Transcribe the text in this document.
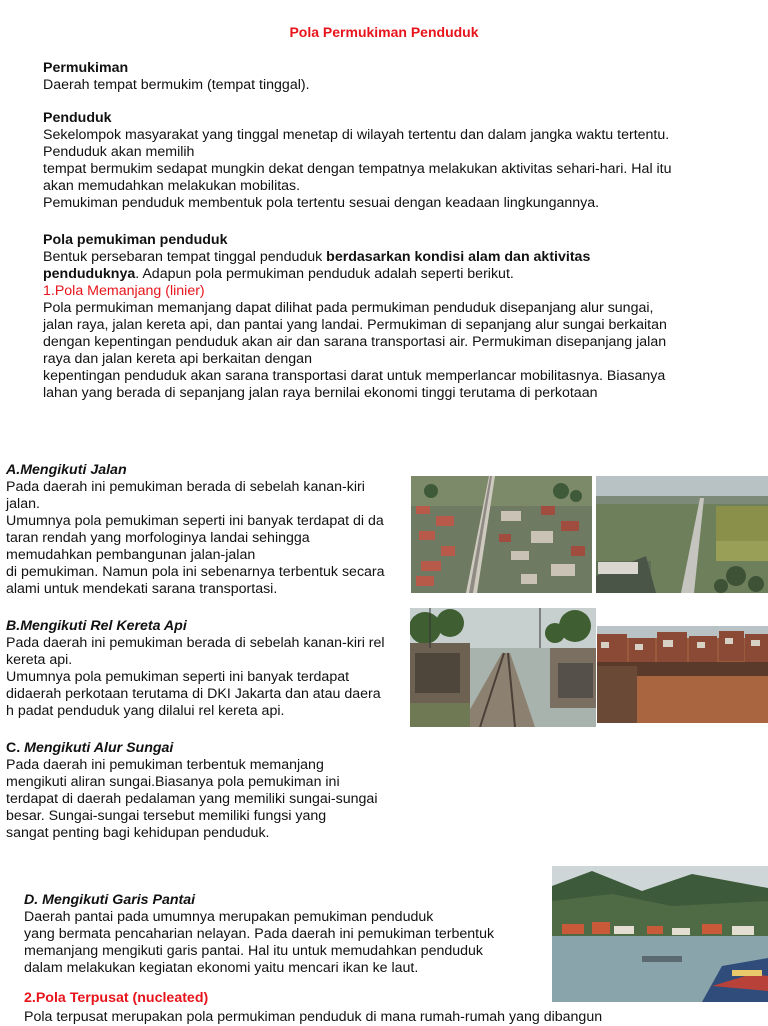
Pola Permukiman Penduduk

Permukiman

Daerah tempat bermukim (tempat tinggal).

Penduduk

Sekelompok masyarakat yang tinggal menetap di wilayah tertentu dan dalam jangka waktu tertentu.

Penduduk akan memilih

tempat bermukim sedapat mungkin dekat dengan tempatnya melakukan aktivitas sehari-hari. Hal itu

akan memudahkan melakukan mobilitas.

Pemukiman penduduk membentuk pola tertentu sesuai dengan keadaan lingkungannya.

Pola pemukiman penduduk

Bentuk persebaran tempat tinggal penduduk berdasarkan kondisi alam dan aktivitas

penduduknya. Adapun pola permukiman penduduk adalah seperti berikut.

1.Pola Memanjang (linier)

Pola permukiman memanjang dapat dilihat pada permukiman penduduk disepanjang alur sungai,

jalan raya, jalan kereta api, dan pantai yang landai. Permukiman di sepanjang alur sungai berkaitan

dengan kepentingan penduduk akan air dan sarana transportasi air. Permukiman disepanjang jalan

raya dan jalan kereta api berkaitan dengan

kepentingan penduduk akan sarana transportasi darat untuk memperlancar mobilitasnya. Biasanya

lahan yang berada di sepanjang jalan raya bernilai ekonomi tinggi terutama di perkotaan

A.Mengikuti Jalan

Pada daerah ini pemukiman berada di sebelah kanan-kiri

jalan.

Umumnya pola pemukiman seperti ini banyak terdapat di da

taran rendah yang morfologinya landai sehingga

memudahkan pembangunan jalan-jalan

di pemukiman. Namun pola ini sebenarnya terbentuk secara

alami untuk mendekati sarana transportasi.

B.Mengikuti Rel Kereta Api

Pada daerah ini pemukiman berada di sebelah kanan-kiri rel

kereta api.

Umumnya pola pemukiman seperti ini banyak terdapat

didaerah perkotaan terutama di DKI Jakarta dan atau daera

h padat penduduk yang dilalui rel kereta api.

C. Mengikuti Alur Sungai

Pada daerah ini pemukiman terbentuk memanjang

mengikuti aliran sungai.Biasanya pola pemukiman ini

terdapat di daerah pedalaman yang memiliki sungai-sungai

besar. Sungai-sungai tersebut memiliki fungsi yang

sangat penting bagi kehidupan penduduk.

D. Mengikuti Garis Pantai

Daerah pantai pada umumnya merupakan pemukiman penduduk

yang bermata pencaharian nelayan. Pada daerah ini pemukiman terbentuk

memanjang mengikuti garis pantai. Hal itu untuk memudahkan penduduk

dalam melakukan kegiatan ekonomi yaitu mencari ikan ke laut.

2.Pola Terpusat (nucleated)

Pola terpusat merupakan pola permukiman penduduk di mana rumah-rumah yang dibangun
